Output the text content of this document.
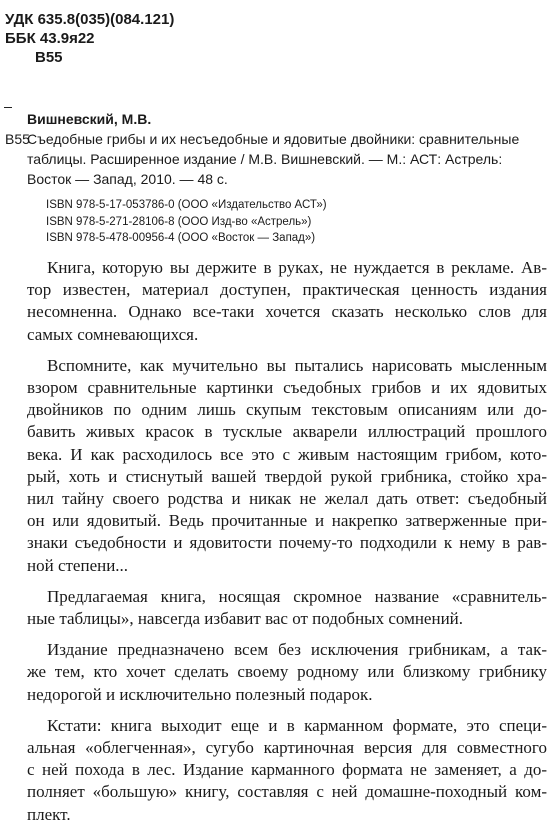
УДК 635.8(035)(084.121)
ББК 43.9я22
В55
Вишневский, М.В.
В55
Съедобные грибы и их несъедобные и ядовитые двойники: сравнительные
таблицы. Расширенное издание / М.В. Вишневский. — М.: АСТ: Астрель:
Восток — Запад, 2010. — 48 с.
ISBN 978-5-17-053786-0 (ООО «Издательство АСТ»)
ISBN 978-5-271-28106-8 (ООО Изд-во «Астрель»)
ISBN 978-5-478-00956-4 (ООО «Восток — Запад»)

Книга, которую вы держите в руках, не нуждается в рекламе. Ав-
тор известен, материал доступен, практическая ценность издания
несомненна. Однако все-таки хочется сказать несколько слов для
самых сомневающихся.

Вспомните, как мучительно вы пытались нарисовать мысленным
взором сравнительные картинки съедобных грибов и их ядовитых
двойников по одним лишь скупым текстовым описаниям или до-
бавить живых красок в тусклые акварели иллюстраций прошлого
века. И как расходилось все это с живым настоящим грибом, кото-
рый, хоть и стиснутый вашей твердой рукой грибника, стойко хра-
нил тайну своего родства и никак не желал дать ответ: съедобный
он или ядовитый. Ведь прочитанные и накрепко затверженные при-
знаки съедобности и ядовитости почему-то подходили к нему в рав-
ной степени...

Предлагаемая книга, носящая скромное название «сравнитель-
ные таблицы», навсегда избавит вас от подобных сомнений.

Издание предназначено всем без исключения грибникам, а так-
же тем, кто хочет сделать своему родному или близкому грибнику
недорогой и исключительно полезный подарок.

Кстати: книга выходит еще и в карманном формате, это специ-
альная «облегченная», сугубо картиночная версия для совместного
с ней похода в лес. Издание карманного формата не заменяет, а до-
полняет «большую» книгу, составляя с ней домашне-походный ком-
плект.
